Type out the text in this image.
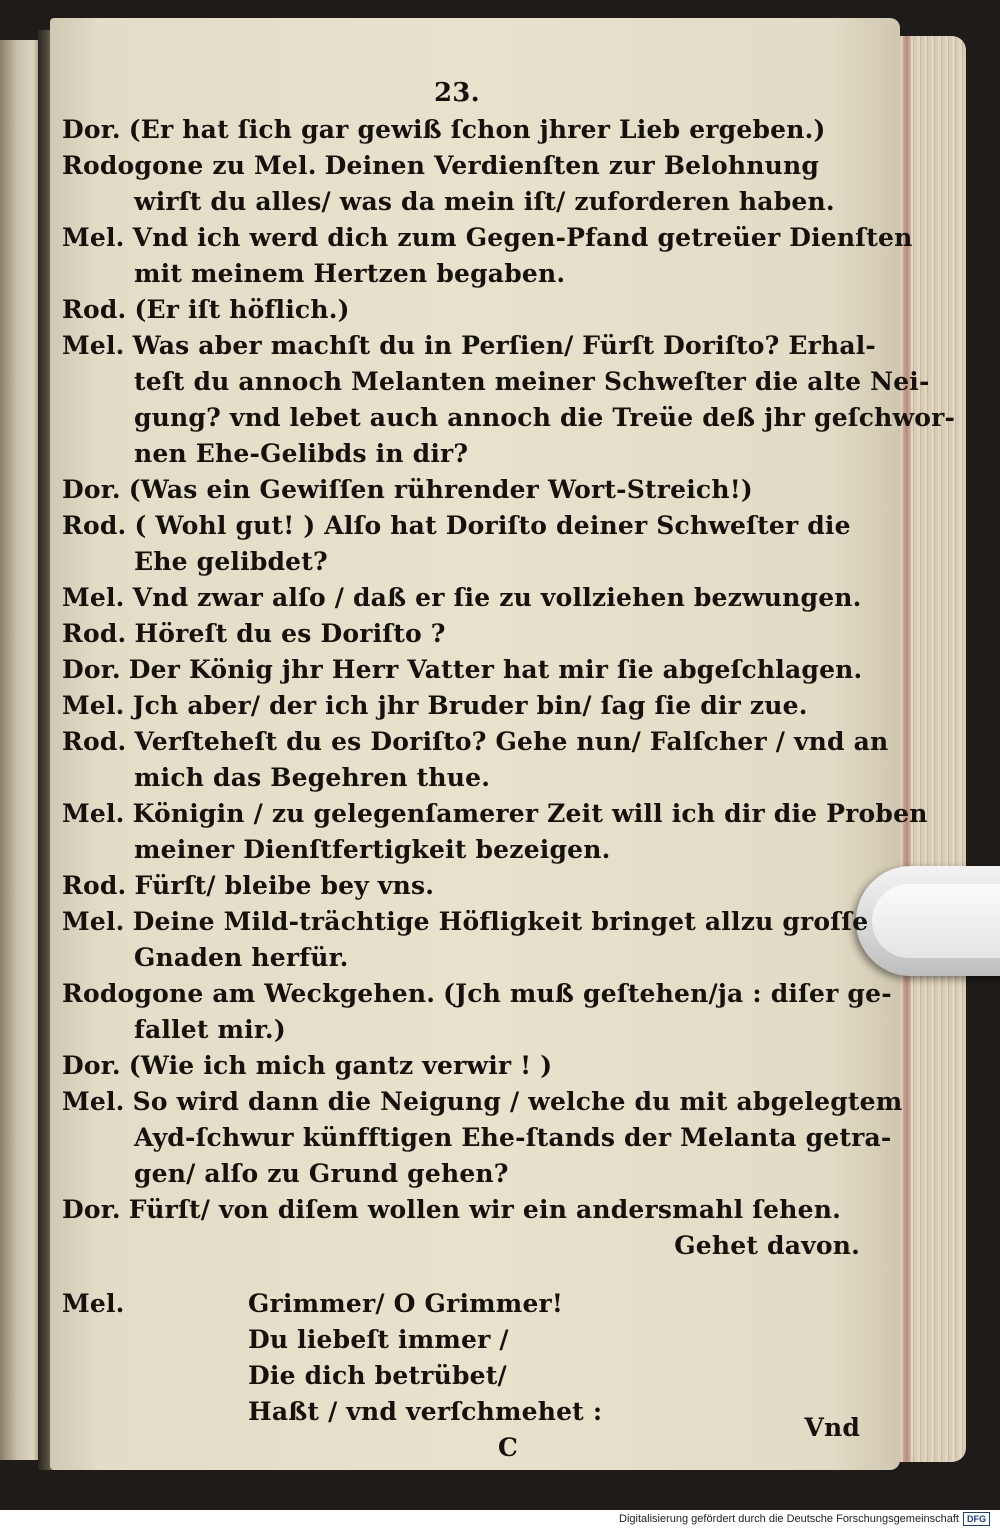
23.
Dor. (Er hat ſich gar gewiß ſchon jhrer Lieb ergeben.)
Rodogone zu Mel. Deinen Verdienſten zur Belohnung
wirſt du alles/ was da mein iſt/ zuforderen haben.
Mel. Vnd ich werd dich zum Gegen-Pfand getreüer Dienſten
mit meinem Hertzen begaben.
Rod. (Er iſt höflich.)
Mel. Was aber machſt du in Perſien/ Fürſt Doriſto? Erhal-
teſt du annoch Melanten meiner Schweſter die alte Nei-
gung? vnd lebet auch annoch die Treüe deß jhr geſchwor-
nen Ehe-Gelibds in dir?
Dor. (Was ein Gewiſſen rührender Wort-Streich!)
Rod. ( Wohl gut! ) Alſo hat Doriſto deiner Schweſter die
Ehe gelibdet?
Mel. Vnd zwar alſo / daß er ſie zu vollziehen bezwungen.
Rod. Höreſt du es Doriſto ?
Dor. Der König jhr Herr Vatter hat mir ſie abgeſchlagen.
Mel. Jch aber/ der ich jhr Bruder bin/ ſag ſie dir zue.
Rod. Verſteheſt du es Doriſto? Gehe nun/ Falſcher / vnd an
mich das Begehren thue.
Mel. Königin / zu gelegenſamerer Zeit will ich dir die Proben
meiner Dienſtfertigkeit bezeigen.
Rod. Fürſt/ bleibe bey vns.
Mel. Deine Mild-trächtige Höfligkeit bringet allzu groſſe
Gnaden herfür.
Rodogone am Weckgehen. (Jch muß geſtehen/ja : diſer ge-
fallet mir.)
Dor. (Wie ich mich gantz verwir ! )
Mel. So wird dann die Neigung / welche du mit abgelegtem
Ayd-ſchwur künfftigen Ehe-ſtands der Melanta getra-
gen/ alſo zu Grund gehen?
Dor. Fürſt/ von diſem wollen wir ein andersmahl ſehen.
Gehet davon.
Mel.	Grimmer/ O Grimmer!
Du liebeſt immer /
Die dich betrübet/
Haßt / vnd verſchmehet :
C
Vnd
Digitalisierung gefördert durch die Deutsche Forschungsgemeinschaft DFG
